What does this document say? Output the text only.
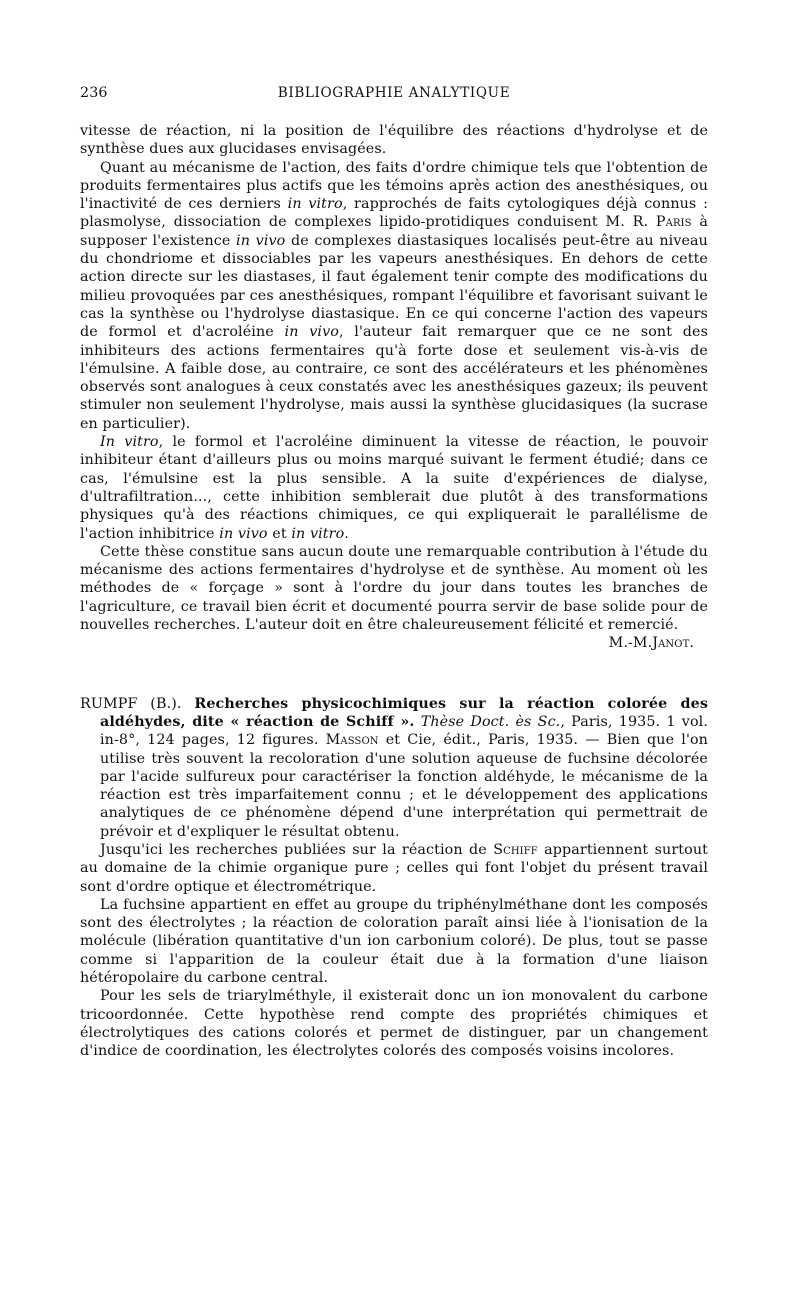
236	BIBLIOGRAPHIE ANALYTIQUE

vitesse de réaction, ni la position de l'équilibre des réactions d'hydrolyse et de synthèse dues aux glucidases envisagées.

Quant au mécanisme de l'action, des faits d'ordre chimique tels que l'obtention de produits fermentaires plus actifs que les témoins après action des anesthésiques, ou l'inactivité de ces derniers in vitro, rapprochés de faits cytologiques déjà connus : plasmolyse, dissociation de complexes lipido-protidiques conduisent M. R. Paris à supposer l'existence in vivo de complexes diastasiques localisés peut-être au niveau du chondriome et dissociables par les vapeurs anesthésiques. En dehors de cette action directe sur les diastases, il faut également tenir compte des modifications du milieu provoquées par ces anesthésiques, rompant l'équilibre et favorisant suivant le cas la synthèse ou l'hydrolyse diastasique. En ce qui concerne l'action des vapeurs de formol et d'acroléine in vivo, l'auteur fait remarquer que ce ne sont des inhibiteurs des actions fermentaires qu'à forte dose et seulement vis-à-vis de l'émulsine. A faible dose, au contraire, ce sont des accélérateurs et les phénomènes observés sont analogues à ceux constatés avec les anesthésiques gazeux; ils peuvent stimuler non seulement l'hydrolyse, mais aussi la synthèse glucidasiques (la sucrase en particulier).

In vitro, le formol et l'acroléine diminuent la vitesse de réaction, le pouvoir inhibiteur étant d'ailleurs plus ou moins marqué suivant le ferment étudié; dans ce cas, l'émulsine est la plus sensible. A la suite d'expériences de dialyse, d'ultrafiltration..., cette inhibition semblerait due plutôt à des transformations physiques qu'à des réactions chimiques, ce qui expliquerait le parallélisme de l'action inhibitrice in vivo et in vitro.

Cette thèse constitue sans aucun doute une remarquable contribution à l'étude du mécanisme des actions fermentaires d'hydrolyse et de synthèse. Au moment où les méthodes de « forçage » sont à l'ordre du jour dans toutes les branches de l'agriculture, ce travail bien écrit et documenté pourra servir de base solide pour de nouvelles recherches. L'auteur doit en être chaleureusement félicité et remercié.

M.-M. Janot.

RUMPF (B.). Recherches physicochimiques sur la réaction colorée des aldéhydes, dite « réaction de Schiff ». Thèse Doct. ès Sc., Paris, 1935. 1 vol. in-8°, 124 pages, 12 figures. Masson et Cie, édit., Paris, 1935. — Bien que l'on utilise très souvent la recoloration d'une solution aqueuse de fuchsine décolorée par l'acide sulfureux pour caractériser la fonction aldéhyde, le mécanisme de la réaction est très imparfaitement connu ; et le développement des applications analytiques de ce phénomène dépend d'une interprétation qui permettrait de prévoir et d'expliquer le résultat obtenu.

Jusqu'ici les recherches publiées sur la réaction de Schiff appartiennent surtout au domaine de la chimie organique pure ; celles qui font l'objet du présent travail sont d'ordre optique et électrométrique.

La fuchsine appartient en effet au groupe du triphénylméthane dont les composés sont des électrolytes ; la réaction de coloration paraît ainsi liée à l'ionisation de la molécule (libération quantitative d'un ion carbonium coloré). De plus, tout se passe comme si l'apparition de la couleur était due à la formation d'une liaison hétéropolaire du carbone central.

Pour les sels de triarylméthyle, il existerait donc un ion monovalent du carbone tricoordonnée. Cette hypothèse rend compte des propriétés chimiques et électrolytiques des cations colorés et permet de distinguer, par un changement d'indice de coordination, les électrolytes colorés des composés voisins incolores.
